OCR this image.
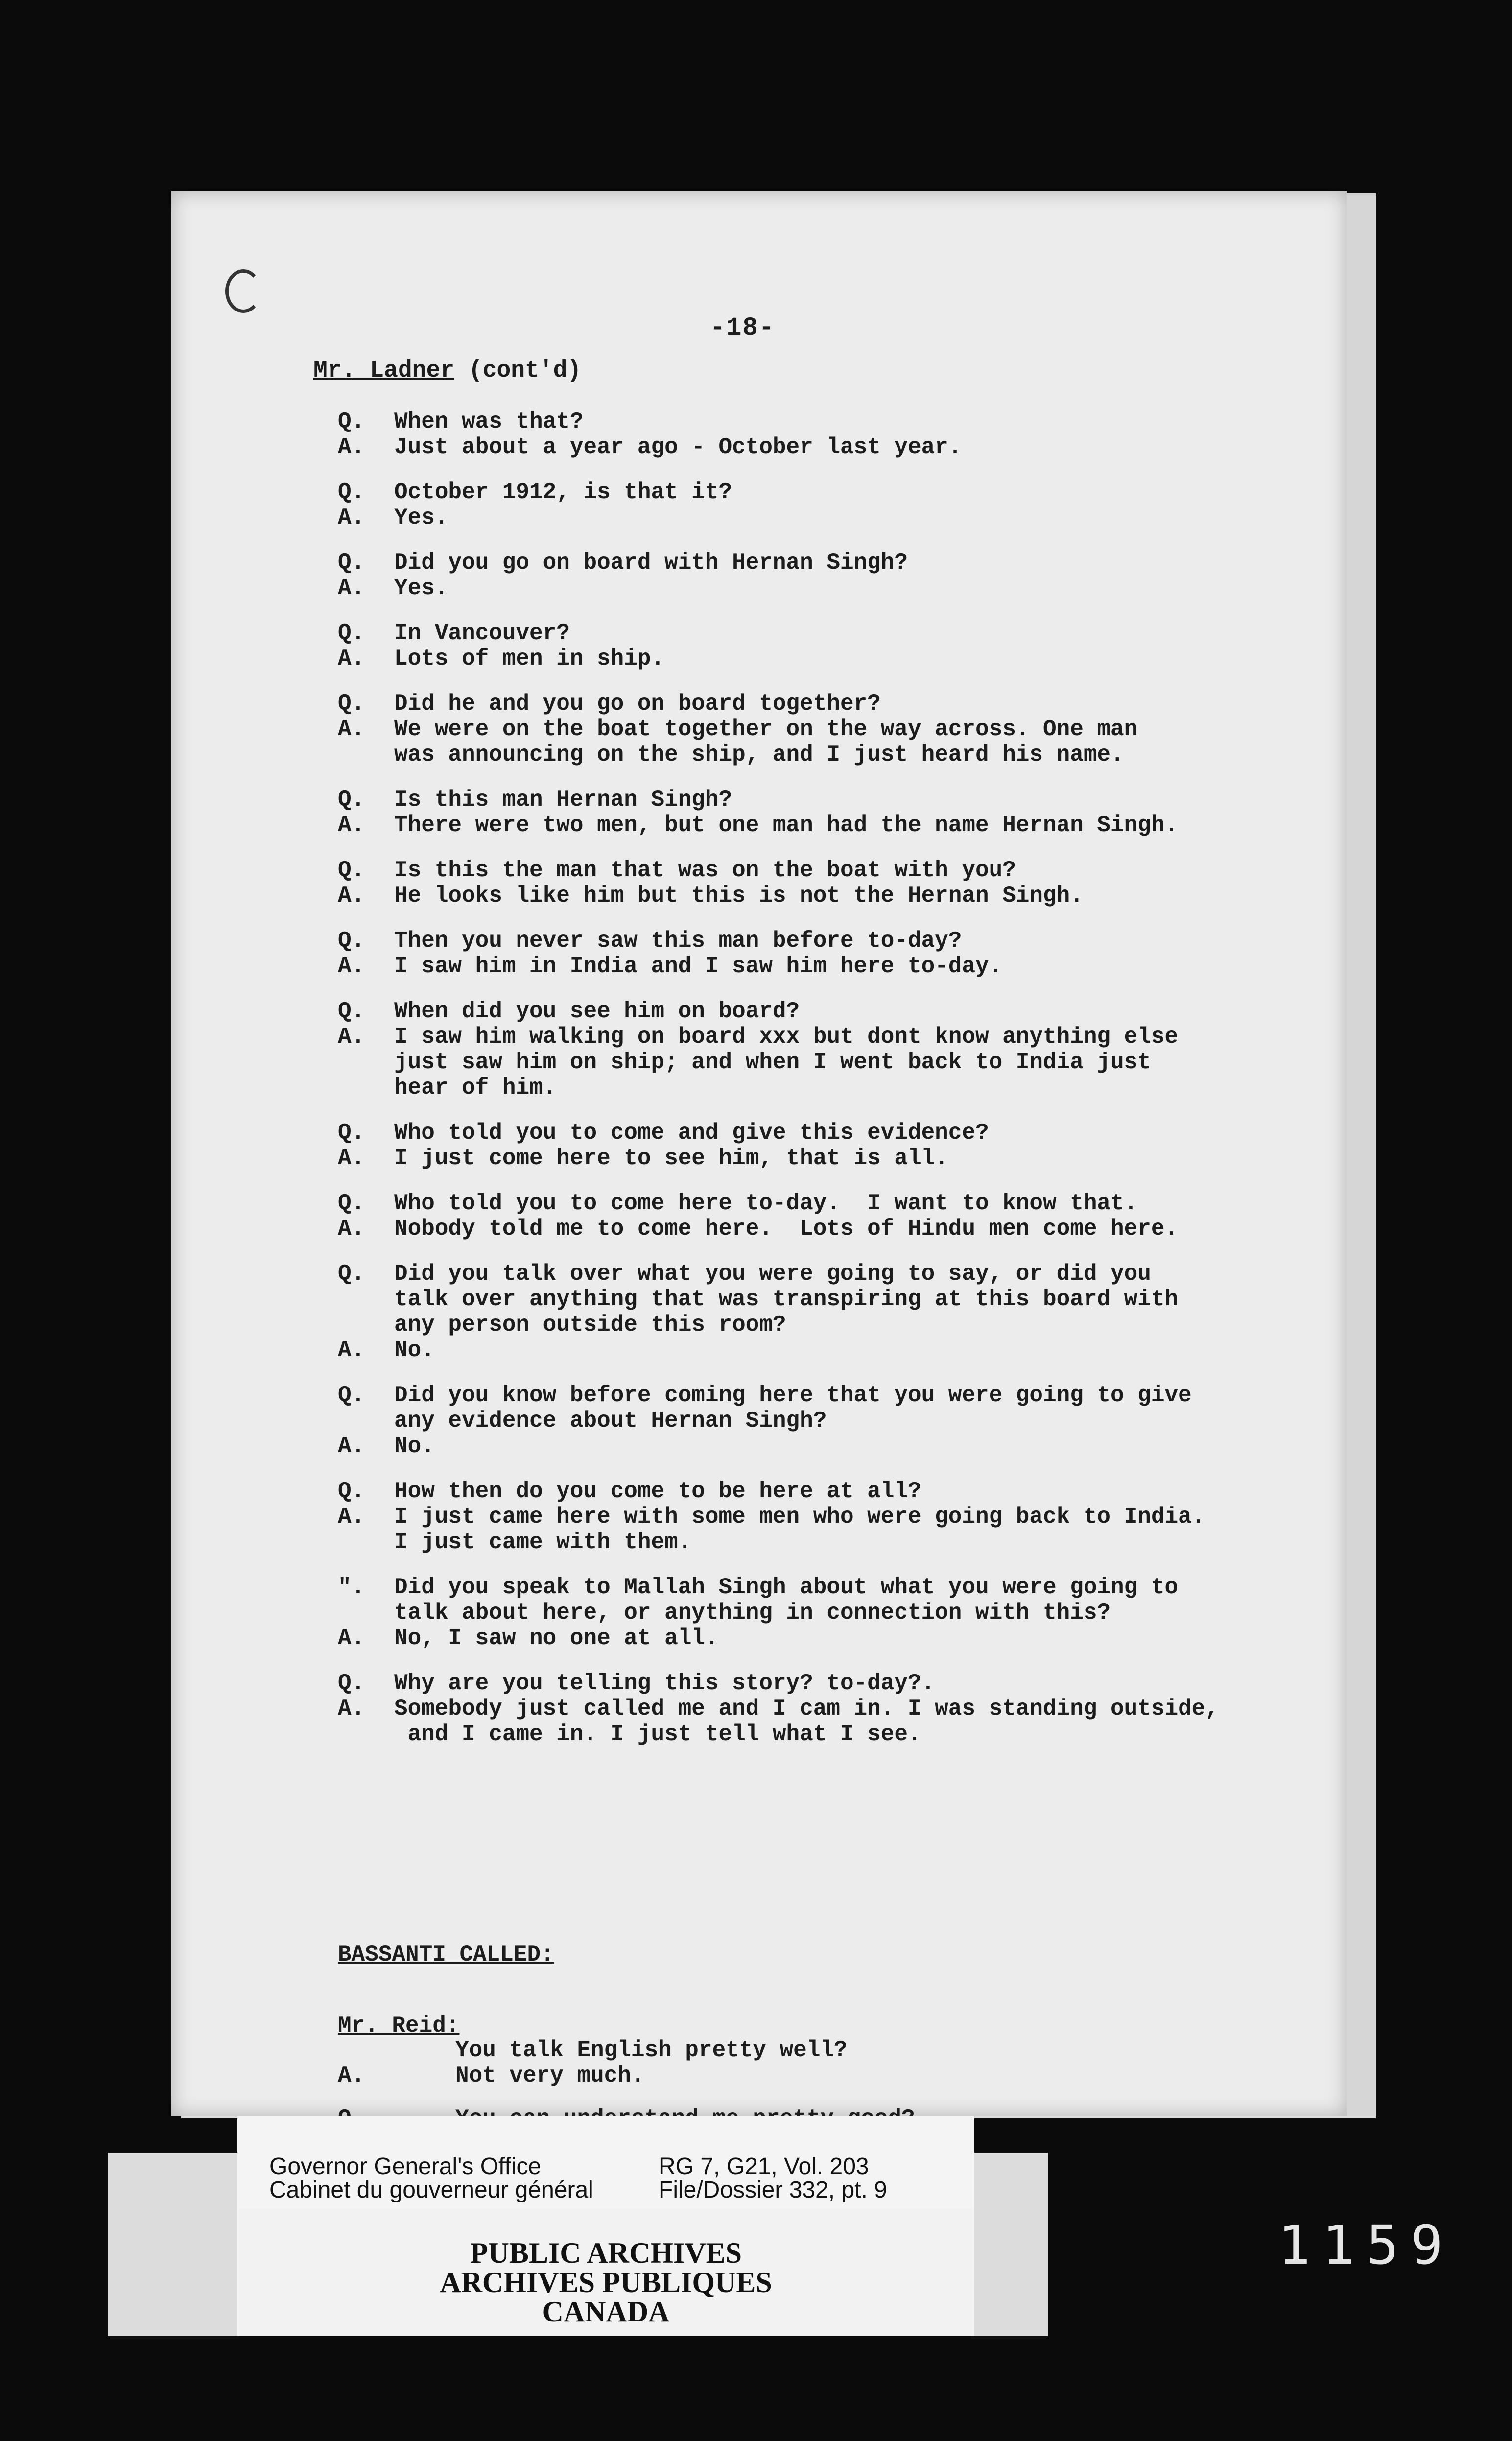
-18-
Mr. Ladner (cont'd)
Q.	When was that?
A.	Just about a year ago - October last year.
Q.	October 1912, is that it?
A.	Yes.
Q.	Did you go on board with Hernan Singh?
A.	Yes.
Q.	In Vancouver?
A.	Lots of men in ship.
Q.	Did he and you go on board together?
A.	We were on the boat together on the way across. One man
was announcing on the ship, and I just heard his name.
Q.	Is this man Hernan Singh?
A.	There were two men, but one man had the name Hernan Singh.
Q.	Is this the man that was on the boat with you?
A.	He looks like him but this is not the Hernan Singh.
Q.	Then you never saw this man before to-day?
A.	I saw him in India and I saw him here to-day.
Q.	When did you see him on board?
A.	I saw him walking on board xxx but dont know anything else
just saw him on ship; and when I went back to India just
hear of him.
Q.	Who told you to come and give this evidence?
A.	I just come here to see him, that is all.
Q.	Who told you to come here to-day.  I want to know that.
A.	Nobody told me to come here.  Lots of Hindu men come here.
Q.	Did you talk over what you were going to say, or did you
talk over anything that was transpiring at this board with
any person outside this room?
A.	No.
Q.	Did you know before coming here that you were going to give
any evidence about Hernan Singh?
A.	No.
Q.	How then do you come to be here at all?
A.	I just came here with some men who were going back to India.
I just came with them.
".	Did you speak to Mallah Singh about what you were going to
talk about here, or anything in connection with this?
A.	No, I saw no one at all.
Q.	Why are you telling this story? to-day?.
A.	Somebody just called me and I cam in. I was standing outside,
and I came in. I just tell what I see.
BASSANTI CALLED:
Mr. Reid:
You talk English pretty well?
A.	Not very much.
Governor General's Office
Cabinet du gouverneur général
RG 7, G21, Vol. 203
File/Dossier 332, pt. 9
PUBLIC ARCHIVES
ARCHIVES PUBLIQUES
CANADA
1159
